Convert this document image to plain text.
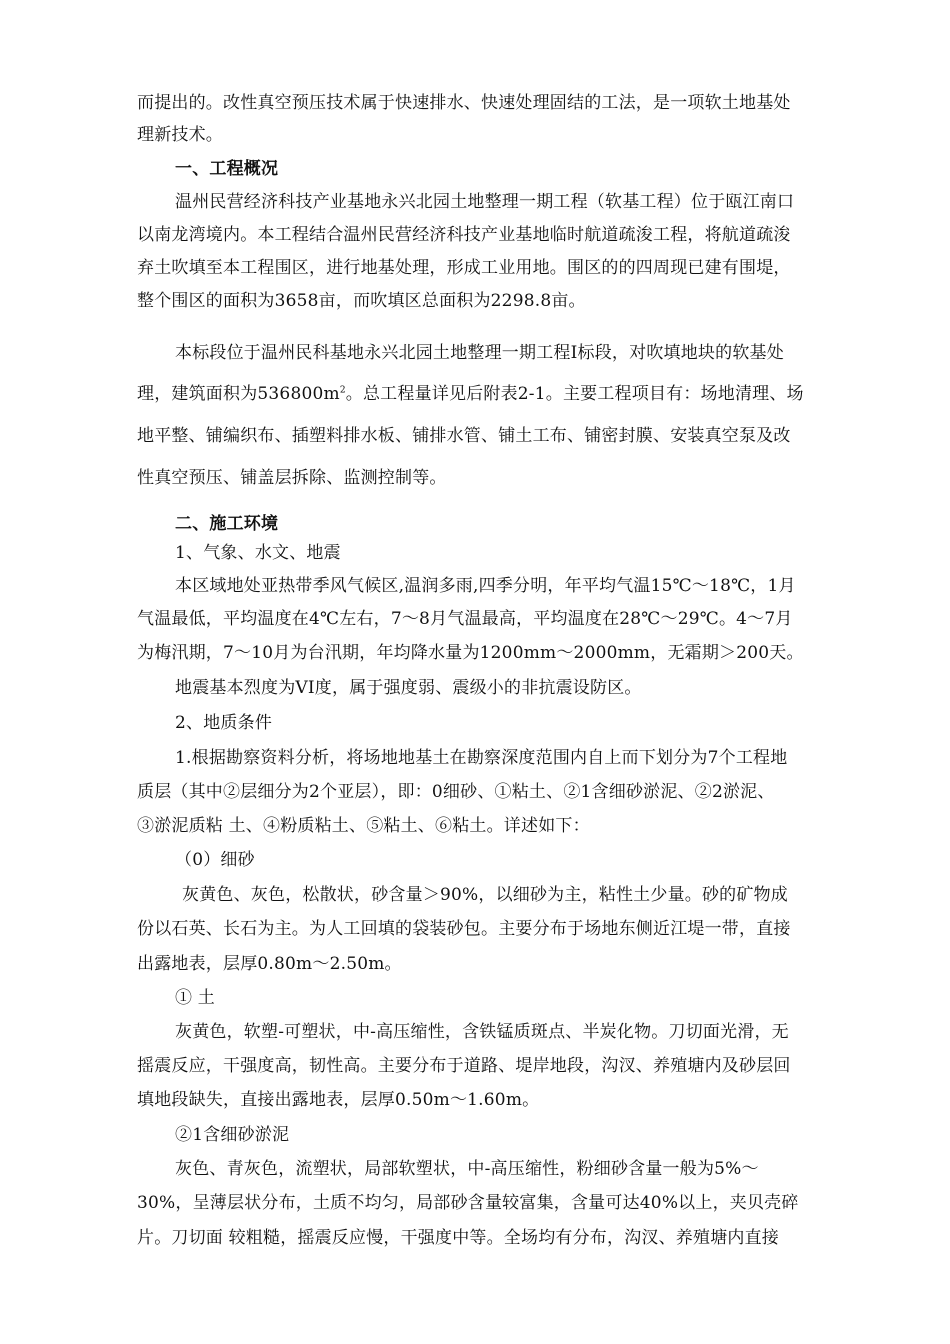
而提出的。改性真空预压技术属于快速排水、快速处理固结的工法，是一项软土地基处
理新技术。
一、工程概况
温州民营经济科技产业基地永兴北园土地整理一期工程（软基工程）位于瓯江南口
以南龙湾境内。本工程结合温州民营经济科技产业基地临时航道疏浚工程，将航道疏浚
弃土吹填至本工程围区，进行地基处理，形成工业用地。围区的的四周现已建有围堤，
整个围区的面积为3658亩，而吹填区总面积为2298.8亩。
本标段位于温州民科基地永兴北园土地整理一期工程Ⅰ标段，对吹填地块的软基处
理，建筑面积为$536800m^2$。总工程量详见后附表2-1。主要工程项目有：场地清理、场
地平整、铺编织布、插塑料排水板、铺排水管、铺土工布、铺密封膜、安装真空泵及改
性真空预压、铺盖层拆除、监测控制等。
二、施工环境
1、气象、水文、地震
本区域地处亚热带季风气候区,温润多雨,四季分明，年平均气温15℃～18℃，1月
气温最低，平均温度在4℃左右，7～8月气温最高，平均温度在28℃～29℃。4～7月
为梅汛期，7～10月为台汛期，年均降水量为1200mm～2000mm，无霜期＞200天。
地震基本烈度为VI度，属于强度弱、震级小的非抗震设防区。
2、地质条件
1.根据勘察资料分析，将场地地基土在勘察深度范围内自上而下划分为7个工程地
质层（其中②层细分为2个亚层），即：0细砂、①粘土、②1含细砂淤泥、②2淤泥、
③淤泥质粘 土、④粉质粘土、⑤粘土、⑥粘土。详述如下：
（0）细砂
灰黄色、灰色，松散状，砂含量＞90%，以细砂为主，粘性土少量。砂的矿物成
份以石英、长石为主。为人工回填的袋装砂包。主要分布于场地东侧近江堤一带，直接
出露地表，层厚0.80m～2.50m。
① 土
灰黄色，软塑-可塑状，中-高压缩性，含铁锰质斑点、半炭化物。刀切面光滑，无
摇震反应，干强度高，韧性高。主要分布于道路、堤岸地段，沟汊、养殖塘内及砂层回
填地段缺失，直接出露地表，层厚0.50m～1.60m。
②1含细砂淤泥
灰色、青灰色，流塑状，局部软塑状，中-高压缩性，粉细砂含量一般为5%～
30%，呈薄层状分布，土质不均匀，局部砂含量较富集，含量可达40%以上，夹贝壳碎
片。刀切面 较粗糙，摇震反应慢，干强度中等。全场均有分布，沟汊、养殖塘内直接
